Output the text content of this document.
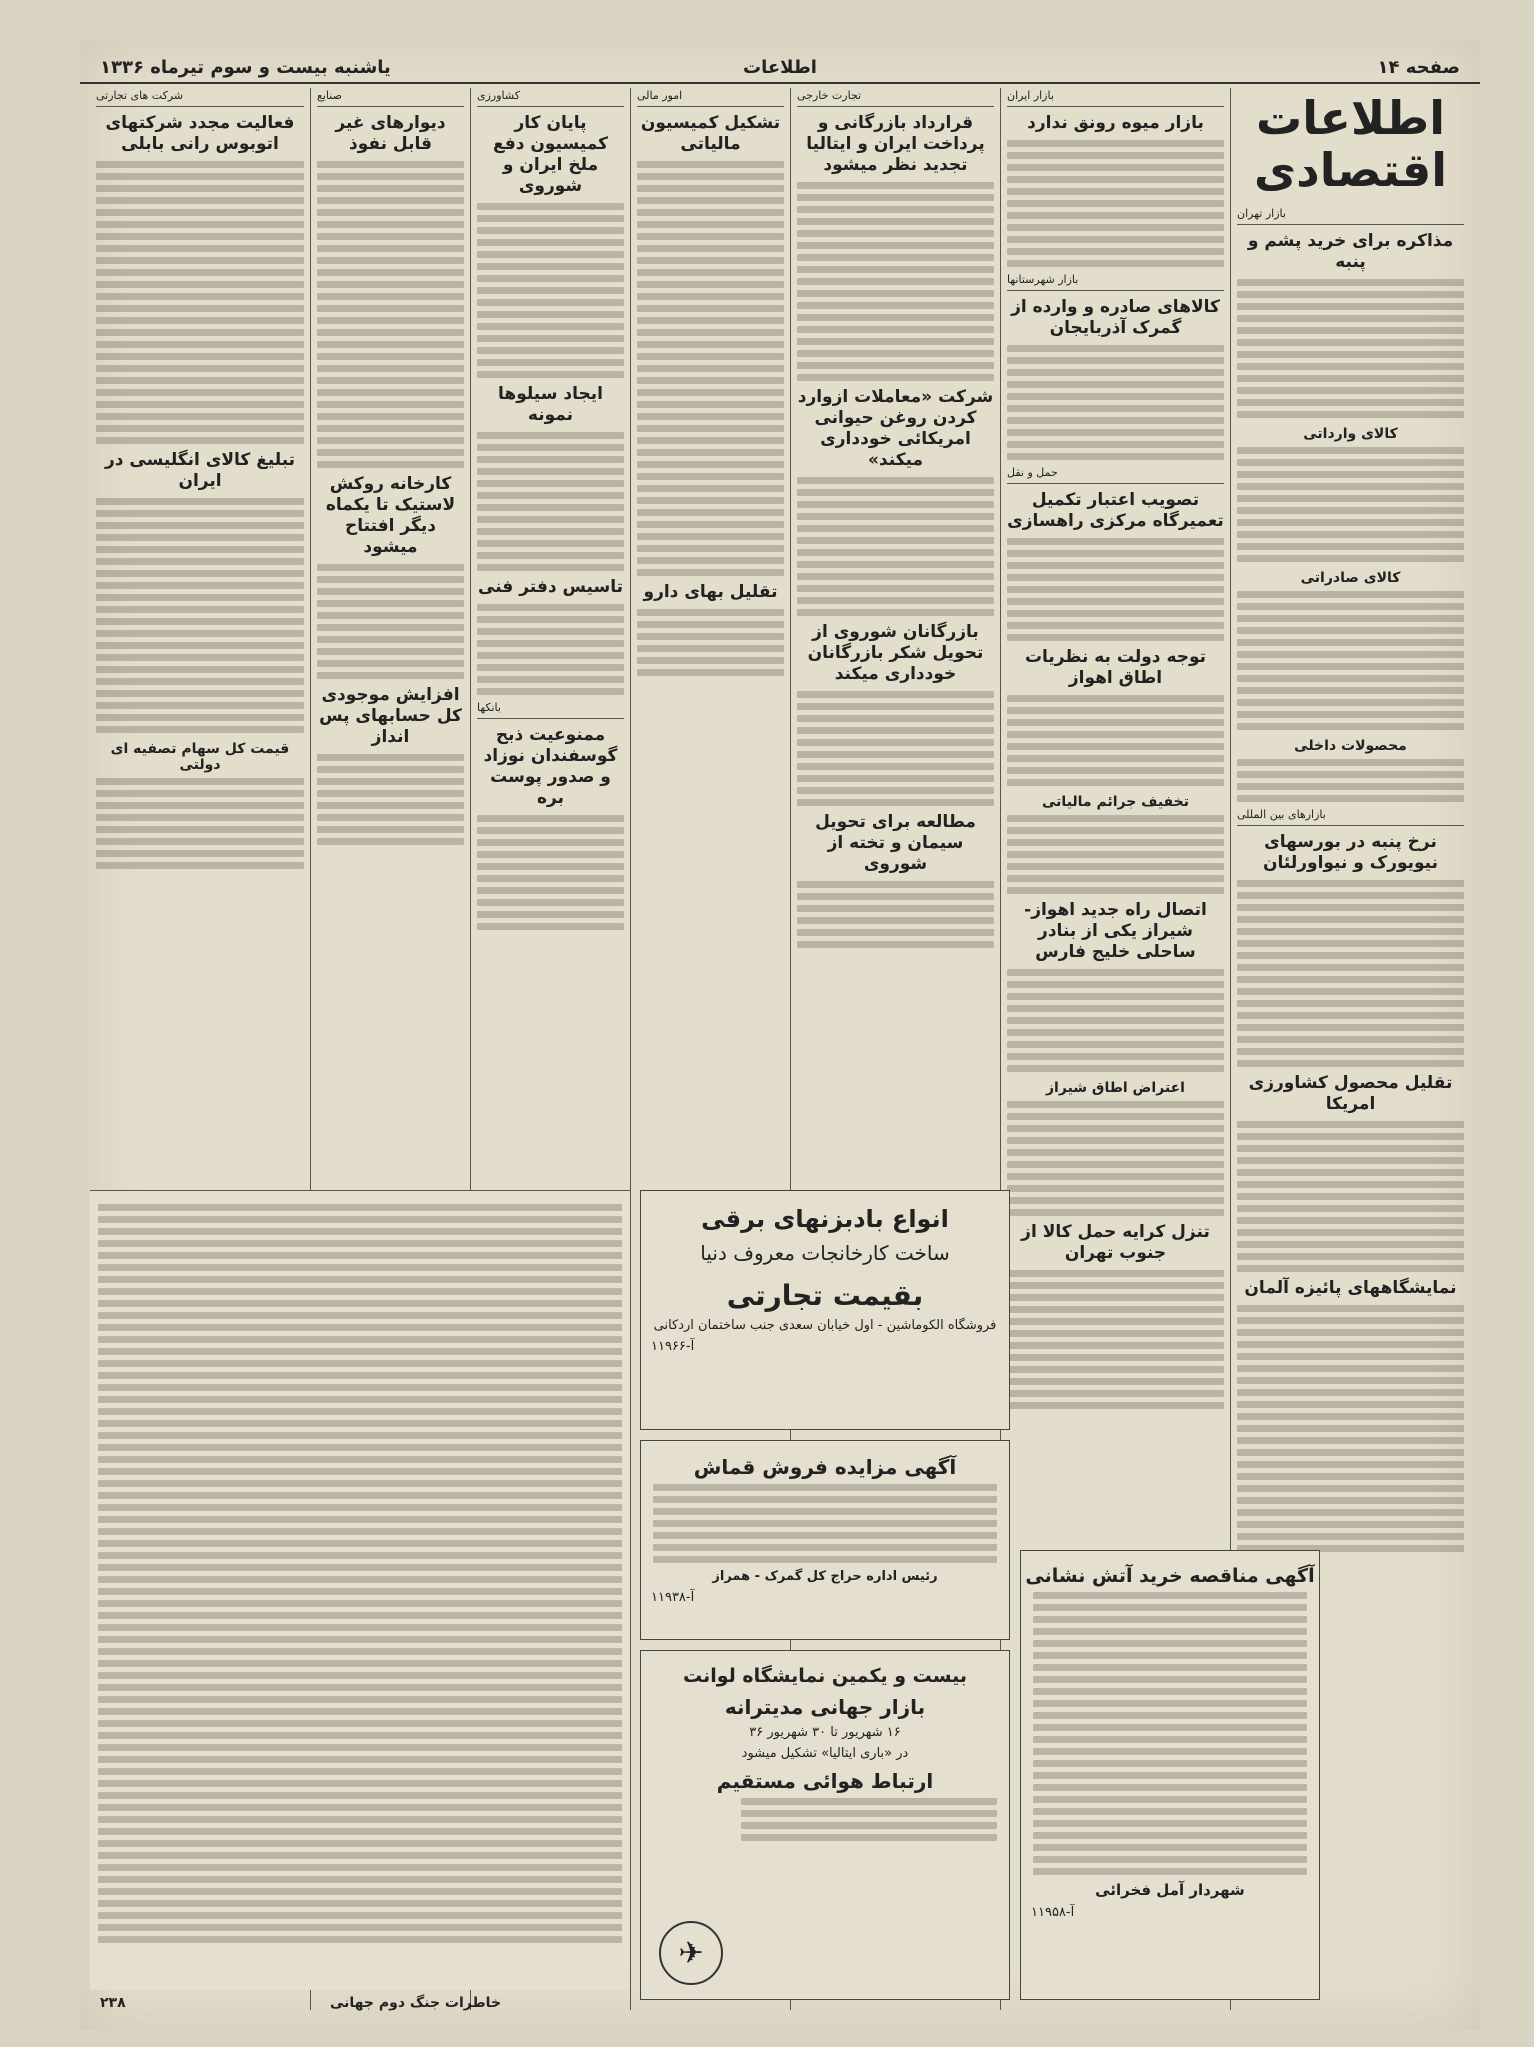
صفحه ۱۴
اطلاعات
یاشنبه بیست و سوم تیرماه ۱۳۳۶
اطلاعات اقتصادی
بازار تهران
مذاکره برای خرید پشم و پنبه
کالای وارداتی
کالای صادراتی
محصولات داخلی
بازارهای بین المللی
نرخ پنبه در بورسهای نیویورک و نیواورلئان
تقلیل محصول کشاورزی امریکا
نمایشگاههای پائیزه آلمان
بازار ایران
بازار میوه رونق ندارد
بازار شهرستانها
کالاهای صادره و وارده از گمرک آذربایجان
حمل و نقل
تصویب اعتبار تکمیل تعمیرگاه مرکزی راهسازی
توجه دولت به نظریات اطاق اهواز
تخفیف جرائم مالیاتی
اتصال راه جدید اهواز-شیراز یکی از بنادر ساحلی خلیج فارس
اعتراض اطاق شیراز
تنزل کرایه حمل کالا از جنوب تهران
تجارت خارجی
قرارداد بازرگانی و پرداخت ایران و ایتالیا تجدید نظر میشود
شرکت «معاملات ازوارد کردن روغن حیوانی امریکائی خودداری میکند»
بازرگانان شوروی از تحویل شکر بازرگانان خودداری میکند
مطالعه برای تحویل سیمان و تخته از شوروی
امور مالی
تشکیل کمیسیون مالیاتی
تقلیل بهای دارو
کشاورزی
پایان کار کمیسیون دفع ملخ ایران و شوروی
ایجاد سیلوها نمونه
تاسیس دفتر فنی
بانکها
ممنوعیت ذبح گوسفندان نوزاد و صدور پوست بره
صنایع
دیوارهای غیر قابل نفوذ
کارخانه روکش لاستیک تا یکماه دیگر افتتاح میشود
افزایش موجودی کل حسابهای پس انداز
شرکت های تجارتی
فعالیت مجدد شرکتهای اتوبوس رانی بابلی
تبلیغ کالای انگلیسی در ایران
قیمت کل سهام تصفیه ای دولتی
انواع بادبزنهای برقی
ساخت کارخانجات معروف دنیا
بقیمت تجارتی
فروشگاه الکوماشین - اول خیابان سعدی جنب ساختمان اردکانی
آ-۱۱۹۶۶
آگهی مزایده فروش قماش
رئیس اداره حراج کل گمرک - همراز
آ-۱۱۹۳۸
بیست و یکمین نمایشگاه لوانت
بازار جهانی مدیترانه
۱۶ شهریور تا ۳۰ شهریور ۳۶
در «باری ایتالیا» تشکیل میشود
ارتباط هوائی مستقیم
✈
آگهی مناقصه خرید آتش نشانی
شهردار آمل فخرائی
آ-۱۱۹۵۸
خاطرات جنگ دوم جهانی
۲۳۸
